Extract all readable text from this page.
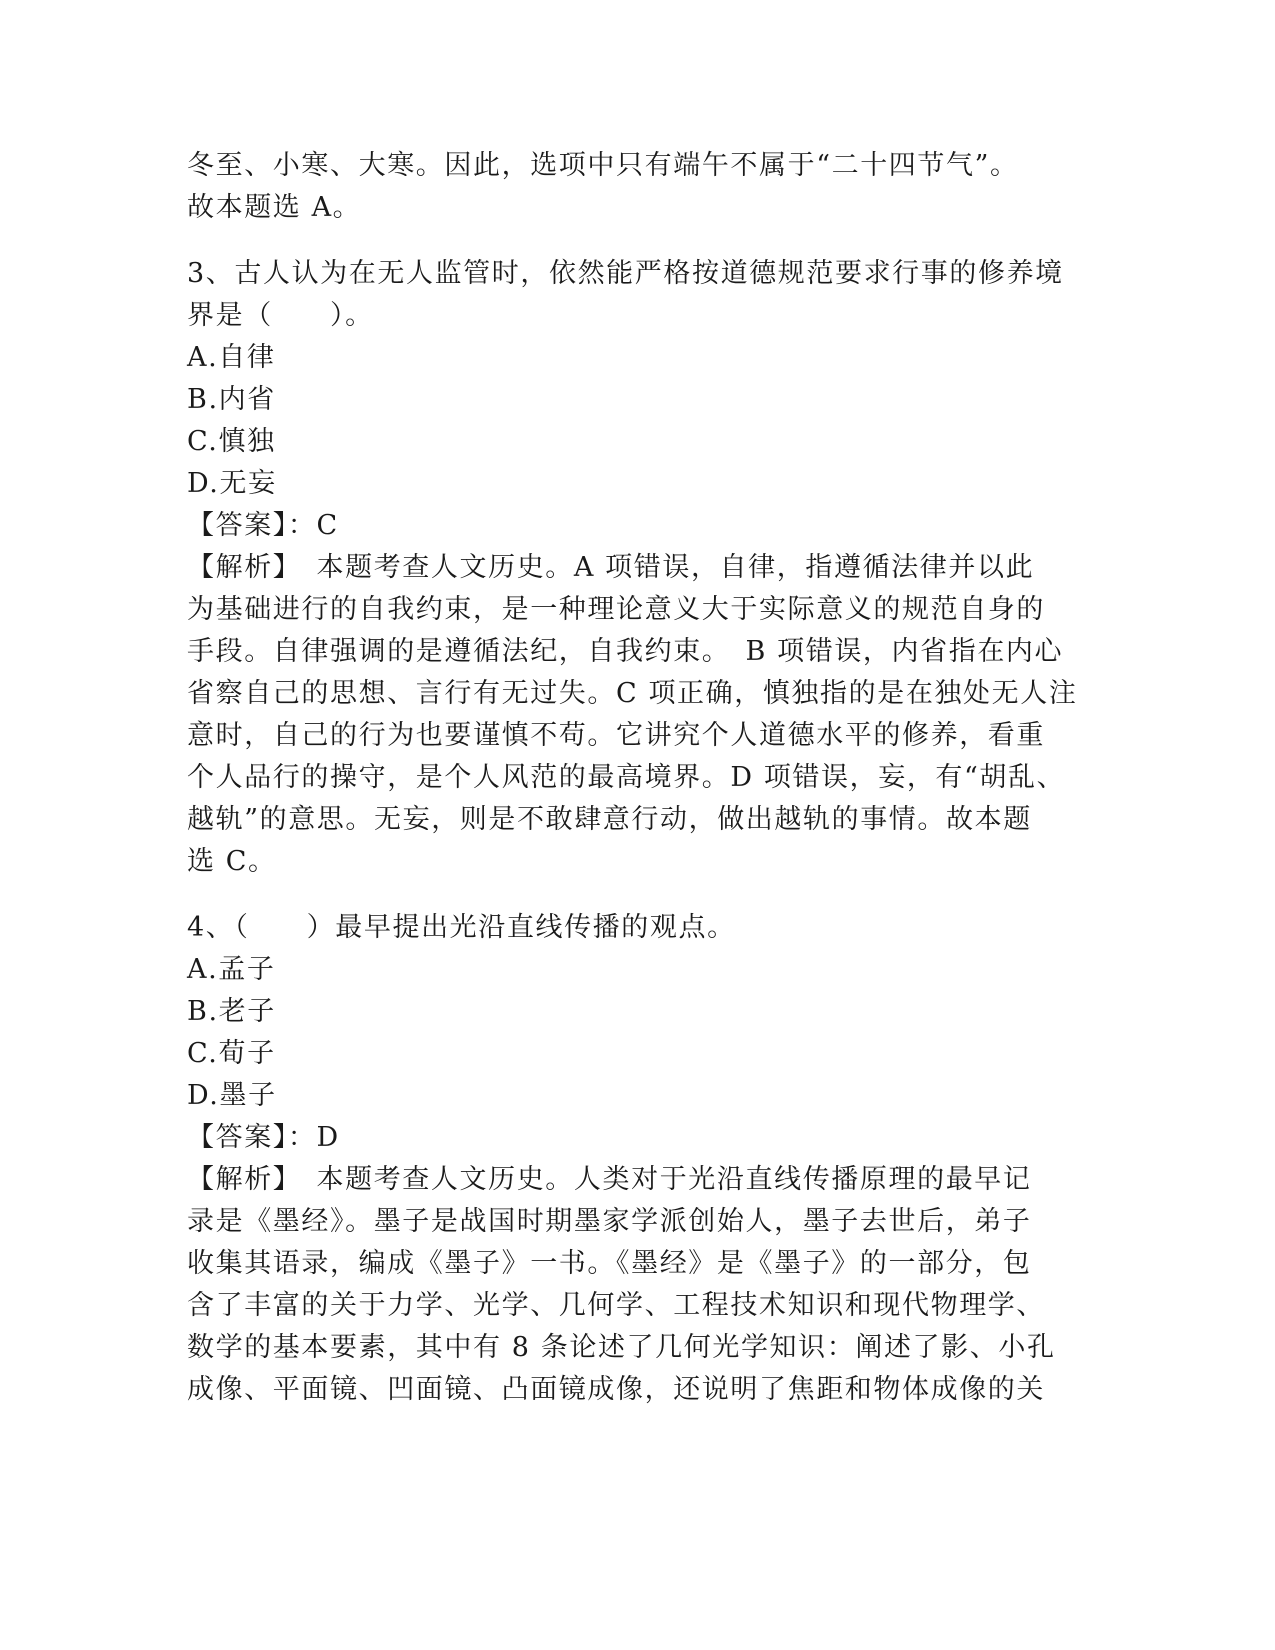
冬至、小寒、大寒。因此，选项中只有端午不属于“二十四节气”。
故本题选 A。
3、古人认为在无人监管时，依然能严格按道德规范要求行事的修养境
界是（　　）。
A.自律
B.内省
C.慎独
D.无妄
【答案】：C
【解析】　本题考查人文历史。A 项错误，自律，指遵循法律并以此
为基础进行的自我约束，是一种理论意义大于实际意义的规范自身的
手段。自律强调的是遵循法纪，自我约束。　B 项错误，内省指在内心
省察自己的思想、言行有无过失。C 项正确，慎独指的是在独处无人注
意时，自己的行为也要谨慎不苟。它讲究个人道德水平的修养，看重
个人品行的操守，是个人风范的最高境界。D 项错误，妄，有“胡乱、
越轨”的意思。无妄，则是不敢肆意行动，做出越轨的事情。故本题
选 C。
4、（　　）最早提出光沿直线传播的观点。
A.孟子
B.老子
C.荀子
D.墨子
【答案】：D
【解析】　本题考查人文历史。人类对于光沿直线传播原理的最早记
录是《墨经》。墨子是战国时期墨家学派创始人，墨子去世后，弟子
收集其语录，编成《墨子》一书。《墨经》是《墨子》的一部分，包
含了丰富的关于力学、光学、几何学、工程技术知识和现代物理学、
数学的基本要素，其中有 8 条论述了几何光学知识：阐述了影、小孔
成像、平面镜、凹面镜、凸面镜成像，还说明了焦距和物体成像的关
